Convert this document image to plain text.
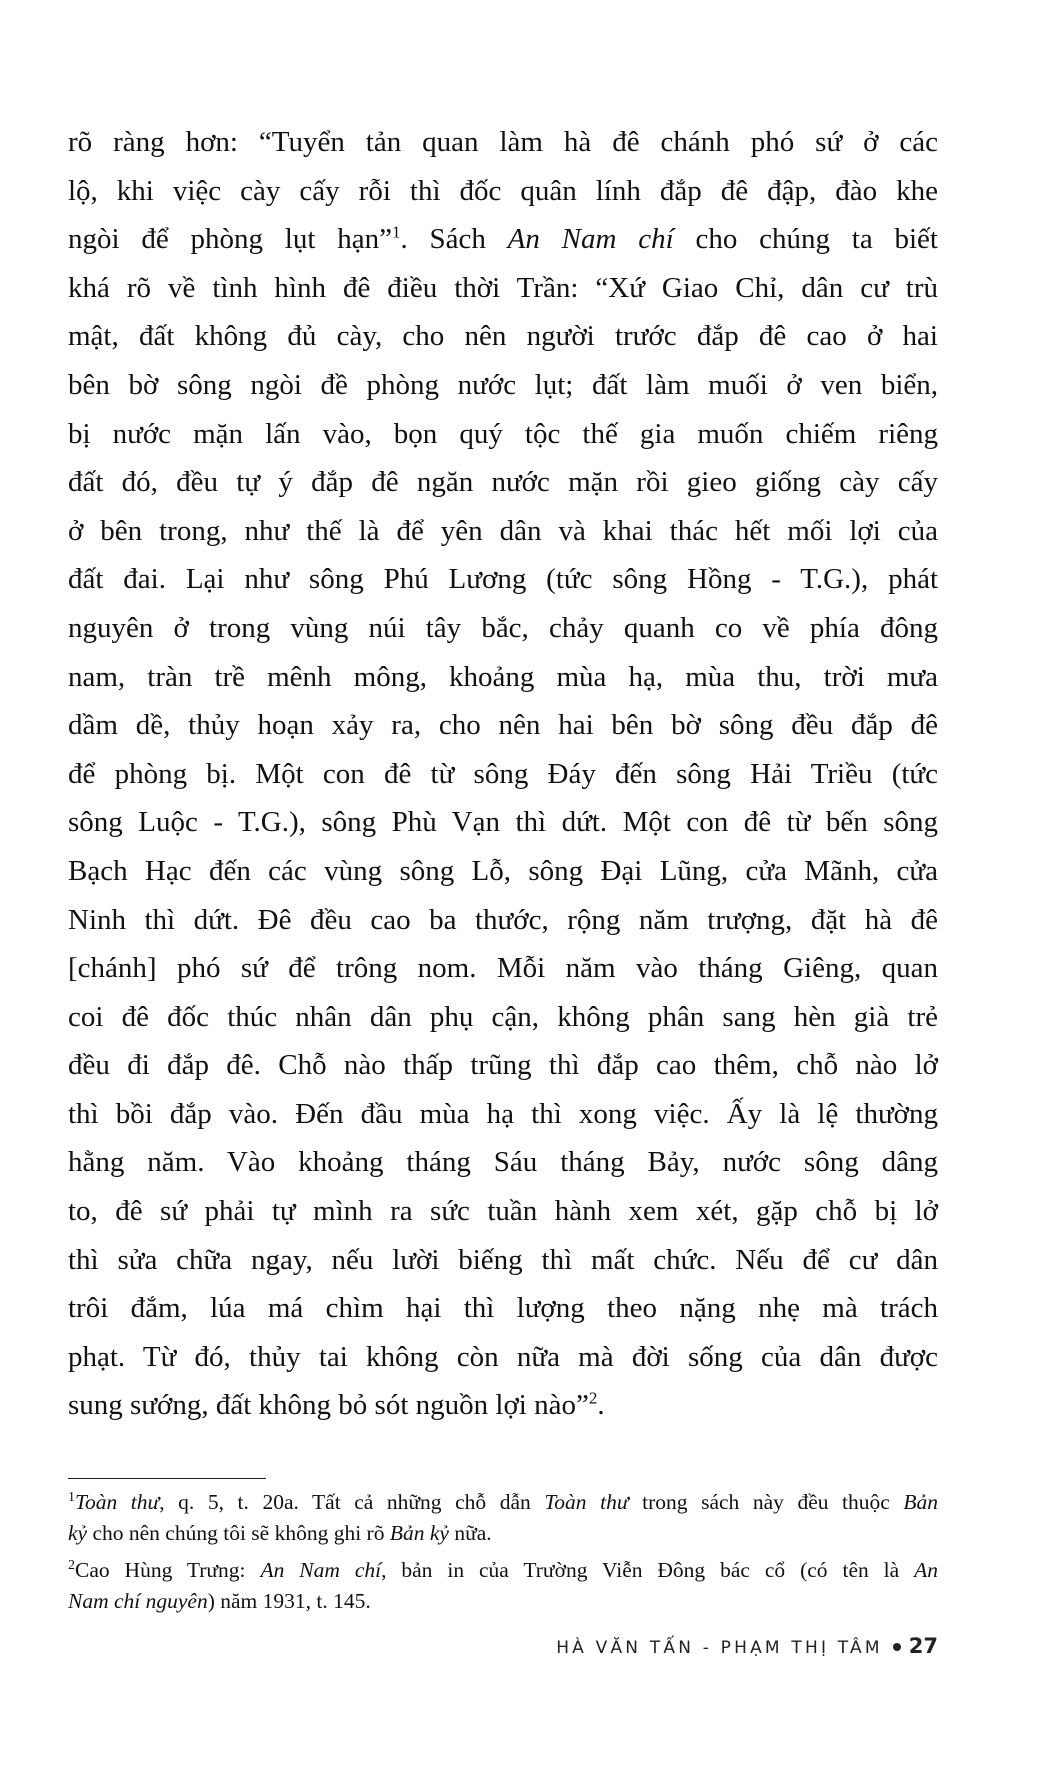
rõ ràng hơn: “Tuyển tản quan làm hà đê chánh phó sứ ở các
lộ, khi việc cày cấy rỗi thì đốc quân lính đắp đê đập, đào khe
ngòi để phòng lụt hạn”$^1$. Sách An Nam chí cho chúng ta biết
khá rõ về tình hình đê điều thời Trần: “Xứ Giao Chỉ, dân cư trù
mật, đất không đủ cày, cho nên người trước đắp đê cao ở hai
bên bờ sông ngòi đề phòng nước lụt; đất làm muối ở ven biển,
bị nước mặn lấn vào, bọn quý tộc thế gia muốn chiếm riêng
đất đó, đều tự ý đắp đê ngăn nước mặn rồi gieo giống cày cấy
ở bên trong, như thế là để yên dân và khai thác hết mối lợi của
đất đai. Lại như sông Phú Lương (tức sông Hồng - T.G.), phát
nguyên ở trong vùng núi tây bắc, chảy quanh co về phía đông
nam, tràn trề mênh mông, khoảng mùa hạ, mùa thu, trời mưa
dầm dề, thủy hoạn xảy ra, cho nên hai bên bờ sông đều đắp đê
để phòng bị. Một con đê từ sông Đáy đến sông Hải Triều (tức
sông Luộc - T.G.), sông Phù Vạn thì dứt. Một con đê từ bến sông
Bạch Hạc đến các vùng sông Lỗ, sông Đại Lũng, cửa Mãnh, cửa
Ninh thì dứt. Đê đều cao ba thước, rộng năm trượng, đặt hà đê
[chánh] phó sứ để trông nom. Mỗi năm vào tháng Giêng, quan
coi đê đốc thúc nhân dân phụ cận, không phân sang hèn già trẻ
đều đi đắp đê. Chỗ nào thấp trũng thì đắp cao thêm, chỗ nào lở
thì bồi đắp vào. Đến đầu mùa hạ thì xong việc. Ấy là lệ thường
hằng năm. Vào khoảng tháng Sáu tháng Bảy, nước sông dâng
to, đê sứ phải tự mình ra sức tuần hành xem xét, gặp chỗ bị lở
thì sửa chữa ngay, nếu lười biếng thì mất chức. Nếu để cư dân
trôi đắm, lúa má chìm hại thì lượng theo nặng nhẹ mà trách
phạt. Từ đó, thủy tai không còn nữa mà đời sống của dân được
sung sướng, đất không bỏ sót nguồn lợi nào”$^2$.
$^1$Toàn thư, q. 5, t. 20a. Tất cả những chỗ dẫn Toàn thư trong sách này đều thuộc Bản
kỷ cho nên chúng tôi sẽ không ghi rõ Bản kỷ nữa.
$^2$Cao Hùng Trưng: An Nam chí, bản in của Trường Viễn Đông bác cổ (có tên là An
Nam chí nguyên) năm 1931, t. 145.
HÀ VĂN TẤN - PHẠM THỊ TÂM 27
